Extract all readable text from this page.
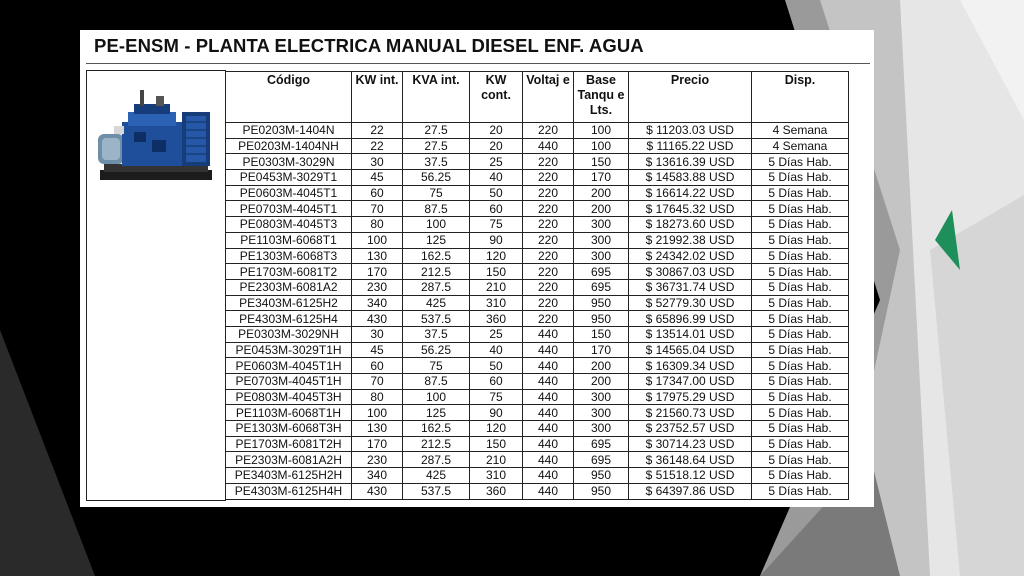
PE-ENSM - PLANTA ELECTRICA MANUAL DIESEL ENF. AGUA
Código	KW int.	KVA int.	KW cont.	Voltaj e	Base Tanqu e Lts.	Precio	Disp.
PE0203M-1404N	22	27.5	20	220	100	$ 11203.03 USD	4 Semana
PE0203M-1404NH	22	27.5	20	440	100	$ 11165.22 USD	4 Semana
PE0303M-3029N	30	37.5	25	220	150	$ 13616.39 USD	5 Días Hab.
PE0453M-3029T1	45	56.25	40	220	170	$ 14583.88 USD	5 Días Hab.
PE0603M-4045T1	60	75	50	220	200	$ 16614.22 USD	5 Días Hab.
PE0703M-4045T1	70	87.5	60	220	200	$ 17645.32 USD	5 Días Hab.
PE0803M-4045T3	80	100	75	220	300	$ 18273.60 USD	5 Días Hab.
PE1103M-6068T1	100	125	90	220	300	$ 21992.38 USD	5 Días Hab.
PE1303M-6068T3	130	162.5	120	220	300	$ 24342.02 USD	5 Días Hab.
PE1703M-6081T2	170	212.5	150	220	695	$ 30867.03 USD	5 Días Hab.
PE2303M-6081A2	230	287.5	210	220	695	$ 36731.74 USD	5 Días Hab.
PE3403M-6125H2	340	425	310	220	950	$ 52779.30 USD	5 Días Hab.
PE4303M-6125H4	430	537.5	360	220	950	$ 65896.99 USD	5 Días Hab.
PE0303M-3029NH	30	37.5	25	440	150	$ 13514.01 USD	5 Días Hab.
PE0453M-3029T1H	45	56.25	40	440	170	$ 14565.04 USD	5 Días Hab.
PE0603M-4045T1H	60	75	50	440	200	$ 16309.34 USD	5 Días Hab.
PE0703M-4045T1H	70	87.5	60	440	200	$ 17347.00 USD	5 Días Hab.
PE0803M-4045T3H	80	100	75	440	300	$ 17975.29 USD	5 Días Hab.
PE1103M-6068T1H	100	125	90	440	300	$ 21560.73 USD	5 Días Hab.
PE1303M-6068T3H	130	162.5	120	440	300	$ 23752.57 USD	5 Días Hab.
PE1703M-6081T2H	170	212.5	150	440	695	$ 30714.23 USD	5 Días Hab.
PE2303M-6081A2H	230	287.5	210	440	695	$ 36148.64 USD	5 Días Hab.
PE3403M-6125H2H	340	425	310	440	950	$ 51518.12 USD	5 Días Hab.
PE4303M-6125H4H	430	537.5	360	440	950	$ 64397.86 USD	5 Días Hab.
